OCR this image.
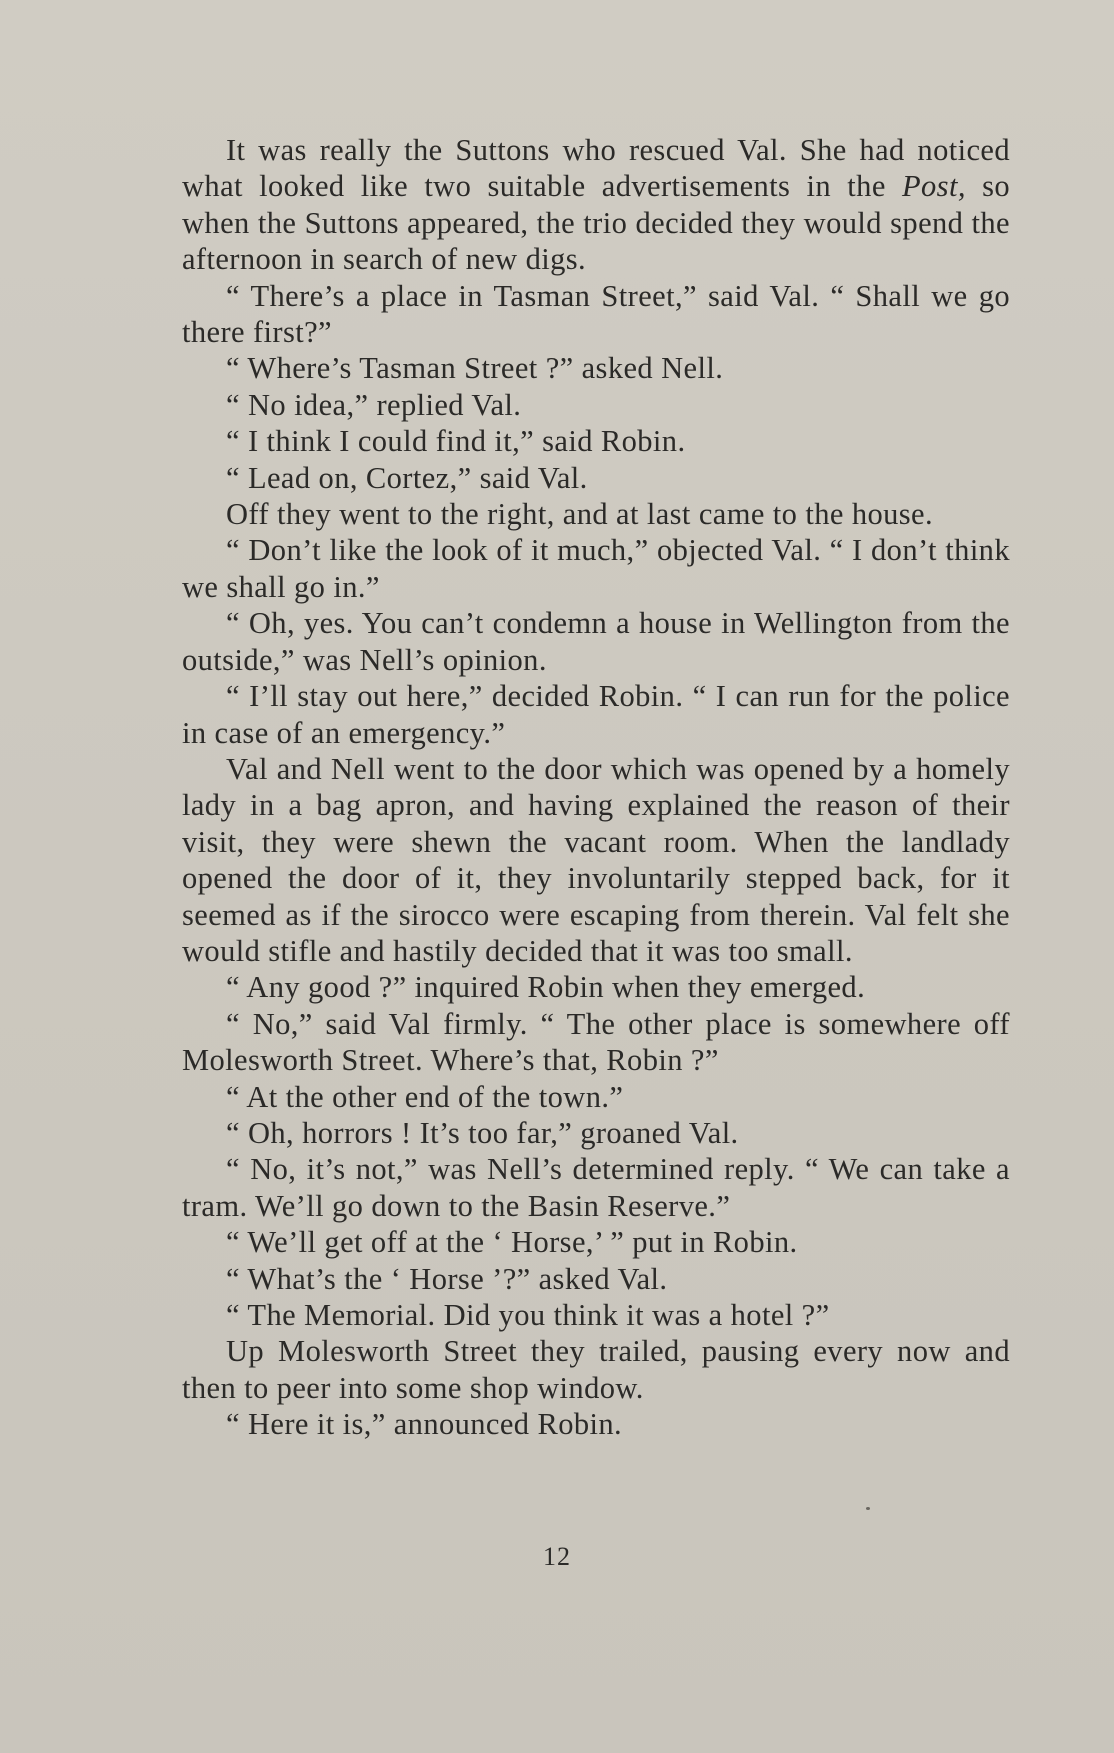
It was really the Suttons who rescued Val. She had noticed what looked like two suitable advertisements in the Post, so when the Suttons appeared, the trio decided they would spend the afternoon in search of new digs.

“ There’s a place in Tasman Street,” said Val. “ Shall we go there first?”

“ Where’s Tasman Street ?” asked Nell.

“ No idea,” replied Val.

“ I think I could find it,” said Robin.

“ Lead on, Cortez,” said Val.

Off they went to the right, and at last came to the house.

“ Don’t like the look of it much,” objected Val. “ I don’t think we shall go in.”

“ Oh, yes. You can’t condemn a house in Wellington from the outside,” was Nell’s opinion.

“ I’ll stay out here,” decided Robin. “ I can run for the police in case of an emergency.”

Val and Nell went to the door which was opened by a homely lady in a bag apron, and having explained the reason of their visit, they were shewn the vacant room. When the landlady opened the door of it, they involuntarily stepped back, for it seemed as if the sirocco were escaping from therein. Val felt she would stifle and hastily decided that it was too small.

“ Any good ?” inquired Robin when they emerged.

“ No,” said Val firmly. “ The other place is somewhere off Molesworth Street. Where’s that, Robin ?”

“ At the other end of the town.”

“ Oh, horrors ! It’s too far,” groaned Val.

“ No, it’s not,” was Nell’s determined reply. “ We can take a tram. We’ll go down to the Basin Reserve.”

“ We’ll get off at the ‘ Horse,’ ” put in Robin.

“ What’s the ‘ Horse ’?” asked Val.

“ The Memorial. Did you think it was a hotel ?”

Up Molesworth Street they trailed, pausing every now and then to peer into some shop window.

“ Here it is,” announced Robin.

12
